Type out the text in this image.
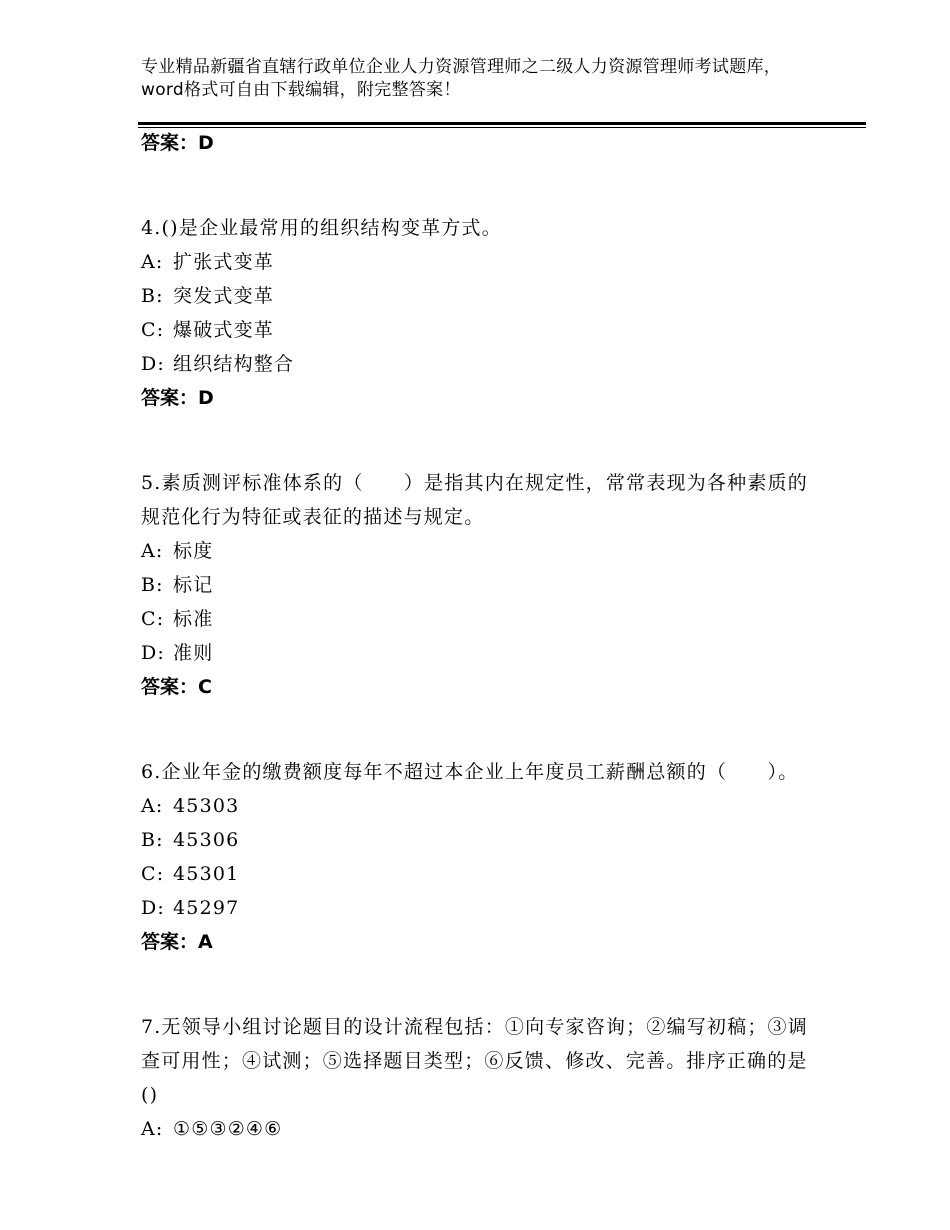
专业精品新疆省直辖行政单位企业人力资源管理师之二级人力资源管理师考试题库，word格式可自由下载编辑，附完整答案！
答案：D
4.()是企业最常用的组织结构变革方式。
A: 扩张式变革
B: 突发式变革
C: 爆破式变革
D: 组织结构整合
答案：D
5.素质测评标准体系的（　　）是指其内在规定性，常常表现为各种素质的规范化行为特征或表征的描述与规定。
A: 标度
B: 标记
C: 标准
D: 准则
答案：C
6.企业年金的缴费额度每年不超过本企业上年度员工薪酬总额的（　　）。
A: 45303
B: 45306
C: 45301
D: 45297
答案：A
7.无领导小组讨论题目的设计流程包括：①向专家咨询；②编写初稿；③调查可用性；④试测；⑤选择题目类型；⑥反馈、修改、完善。排序正确的是()
A: ①⑤③②④⑥
